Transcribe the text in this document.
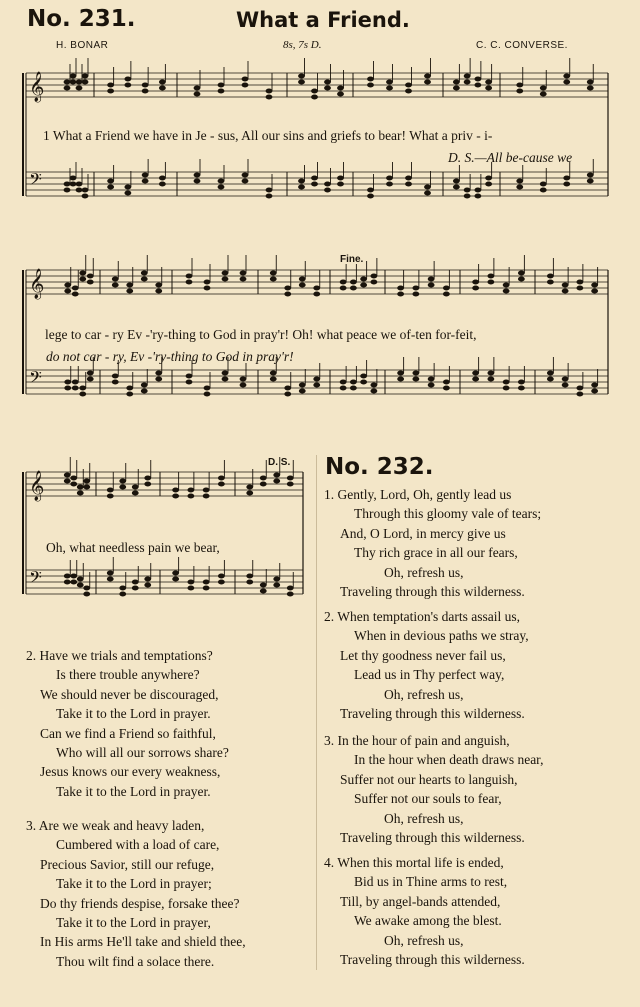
No. 231.	What a Friend.
H. BONAR	8s, 7s D.	C. C. CONVERSE.
𝄞
𝄢
𝄞
𝄢
𝄞
𝄢
1 What a Friend we have in Je - sus, All our sins and griefs to bear! What a priv - i-
D. S.—All be-cause we
Fine.
lege to car - ry Ev -'ry-thing to God in pray'r! Oh! what peace we of-ten for-feit,
do not car - ry, Ev -'ry-thing to God in pray'r!
D. S.
Oh, what needless pain we bear,
2. Have we trials and temptations?
Is there trouble anywhere?
We should never be discouraged,
Take it to the Lord in prayer.
Can we find a Friend so faithful,
Who will all our sorrows share?
Jesus knows our every weakness,
Take it to the Lord in prayer.
3. Are we weak and heavy laden,
Cumbered with a load of care,
Precious Savior, still our refuge,
Take it to the Lord in prayer;
Do thy friends despise, forsake thee?
Take it to the Lord in prayer,
In His arms He'll take and shield thee,
Thou wilt find a solace there.
No. 232.
1. Gently, Lord, Oh, gently lead us
Through this gloomy vale of tears;
And, O Lord, in mercy give us
Thy rich grace in all our fears,
Oh, refresh us,
Traveling through this wilderness.
2. When temptation's darts assail us,
When in devious paths we stray,
Let thy goodness never fail us,
Lead us in Thy perfect way,
Oh, refresh us,
Traveling through this wilderness.
3. In the hour of pain and anguish,
In the hour when death draws near,
Suffer not our hearts to languish,
Suffer not our souls to fear,
Oh, refresh us,
Traveling through this wilderness.
4. When this mortal life is ended,
Bid us in Thine arms to rest,
Till, by angel-bands attended,
We awake among the blest.
Oh, refresh us,
Traveling through this wilderness.
